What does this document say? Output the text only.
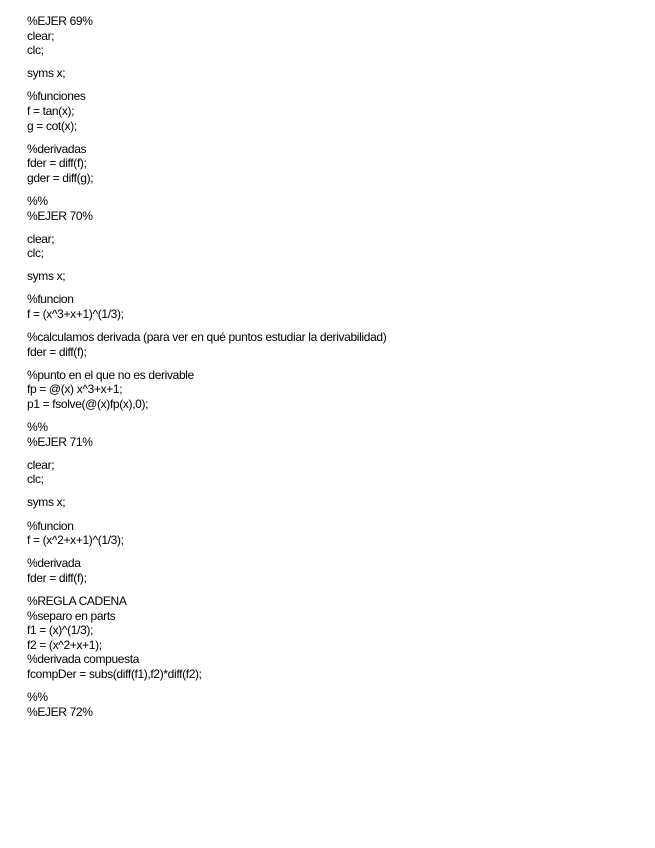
%EJER 69%
clear;
clc;
syms x;
%funciones
f = tan(x);
g = cot(x);
%derivadas
fder = diff(f);
gder = diff(g);
%%
%EJER 70%
clear;
clc;
syms x;
%funcion
f = (x^3+x+1)^(1/3);
%calculamos derivada (para ver en qué puntos estudiar la derivabilidad)
fder = diff(f);
%punto en el que no es derivable
fp = @(x) x^3+x+1;
p1 = fsolve(@(x)fp(x),0);
%%
%EJER 71%
clear;
clc;
syms x;
%funcion
f = (x^2+x+1)^(1/3);
%derivada
fder = diff(f);
%REGLA CADENA
%separo en parts
f1 = (x)^(1/3);
f2 = (x^2+x+1);
%derivada compuesta
fcompDer = subs(diff(f1),f2)*diff(f2);
%%
%EJER 72%
